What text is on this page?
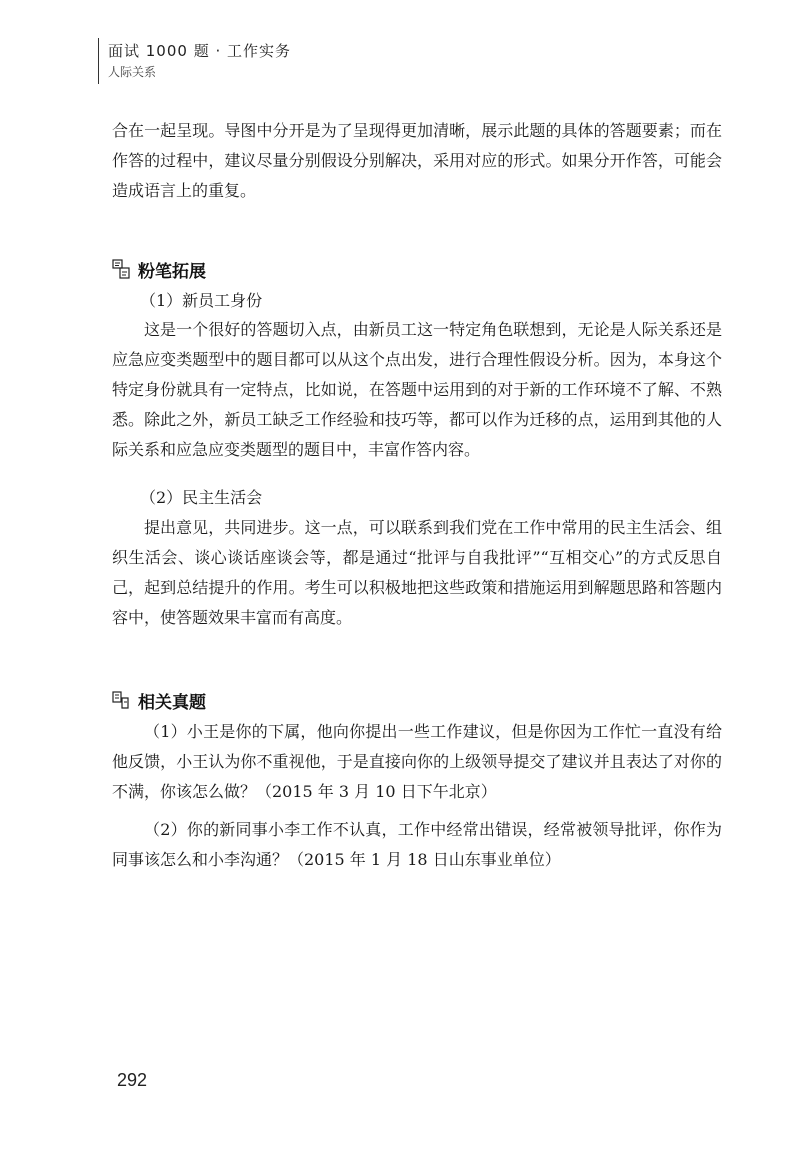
面试 1000 题 · 工作实务
人际关系
合在一起呈现。导图中分开是为了呈现得更加清晰，展示此题的具体的答题要素；而在作答的过程中，建议尽量分别假设分别解决，采用对应的形式。如果分开作答，可能会造成语言上的重复。
粉笔拓展
（1）新员工身份
这是一个很好的答题切入点，由新员工这一特定角色联想到，无论是人际关系还是应急应变类题型中的题目都可以从这个点出发，进行合理性假设分析。因为，本身这个特定身份就具有一定特点，比如说，在答题中运用到的对于新的工作环境不了解、不熟悉。除此之外，新员工缺乏工作经验和技巧等，都可以作为迁移的点，运用到其他的人际关系和应急应变类题型的题目中，丰富作答内容。
（2）民主生活会
提出意见，共同进步。这一点，可以联系到我们党在工作中常用的民主生活会、组织生活会、谈心谈话座谈会等，都是通过“批评与自我批评”“互相交心”的方式反思自己，起到总结提升的作用。考生可以积极地把这些政策和措施运用到解题思路和答题内容中，使答题效果丰富而有高度。
相关真题
（1）小王是你的下属，他向你提出一些工作建议，但是你因为工作忙一直没有给他反馈，小王认为你不重视他，于是直接向你的上级领导提交了建议并且表达了对你的不满，你该怎么做？（2015 年 3 月 10 日下午北京）
（2）你的新同事小李工作不认真，工作中经常出错误，经常被领导批评，你作为同事该怎么和小李沟通？（2015 年 1 月 18 日山东事业单位）
292
